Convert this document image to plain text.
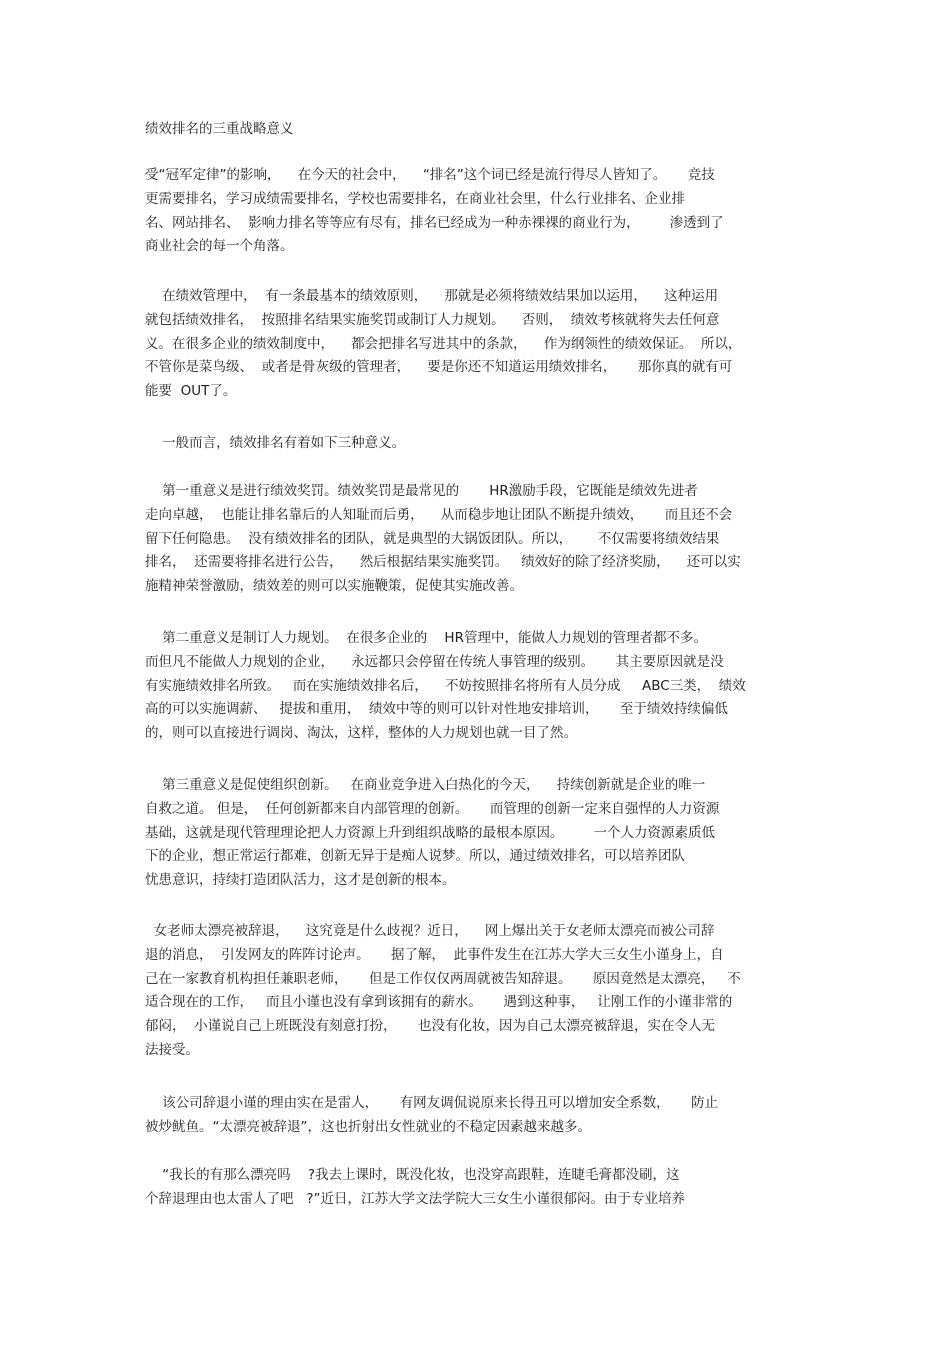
绩效排名的三重战略意义
受“冠军定律”的影响，    在今天的社会中，    “排名”这个词已经是流行得尽人皆知了。     竞技
更需要排名，学习成绩需要排名，学校也需要排名，在商业社会里，什么行业排名、企业排
名、网站排名、  影响力排名等等应有尽有，排名已经成为一种赤裸裸的商业行为，       渗透到了
商业社会的每一个角落。
在绩效管理中，  有一条最基本的绩效原则，    那就是必须将绩效结果加以运用，    这种运用
就包括绩效排名，  按照排名结果实施奖罚或制订人力规划。    否则，  绩效考核就将失去任何意
义。在很多企业的绩效制度中，    都会把排名写进其中的条款，    作为纲领性的绩效保证。  所以，
不管你是菜鸟级、  或者是骨灰级的管理者，    要是你还不知道运用绩效排名，     那你真的就有可
能要  OUT了。
一般而言，绩效排名有着如下三种意义。
第一重意义是进行绩效奖罚。绩效奖罚是最常见的       HR激励手段，它既能是绩效先进者
走向卓越，  也能让排名靠后的人知耻而后勇，    从而稳步地让团队不断提升绩效，     而且还不会
留下任何隐患。  没有绩效排名的团队，就是典型的大锅饭团队。所以，      不仅需要将绩效结果
排名，  还需要将排名进行公告，    然后根据结果实施奖罚。   绩效好的除了经济奖励，    还可以实
施精神荣誉激励，绩效差的则可以实施鞭策，促使其实施改善。
第二重意义是制订人力规划。  在很多企业的    HR管理中，能做人力规划的管理者都不多。
而但凡不能做人力规划的企业，    永远都只会停留在传统人事管理的级别。     其主要原因就是没
有实施绩效排名所致。   而在实施绩效排名后，    不妨按照排名将所有人员分成     ABC三类，  绩效
高的可以实施调薪、   提拔和重用，  绩效中等的则可以针对性地安排培训，     至于绩效持续偏低
的，则可以直接进行调岗、淘汰，这样，整体的人力规划也就一目了然。
第三重意义是促使组织创新。   在商业竞争进入白热化的今天，    持续创新就是企业的唯一
自救之道。 但是，  任何创新都来自内部管理的创新。     而管理的创新一定来自强悍的人力资源
基础，这就是现代管理理论把人力资源上升到组织战略的最根本原因。       一个人力资源素质低
下的企业，想正常运行都难，创新无异于是痴人说梦。所以，通过绩效排名，可以培养团队
忧患意识，持续打造团队活力，这才是创新的根本。
女老师太漂亮被辞退，    这究竟是什么歧视？近日，    网上爆出关于女老师太漂亮而被公司辞
退的消息，  引发网友的阵阵讨论声。     据了解，  此事件发生在江苏大学大三女生小谨身上，自
己在一家教育机构担任兼职老师，     但是工作仅仅两周就被告知辞退。     原因竟然是太漂亮，   不
适合现在的工作，   而且小谨也没有拿到该拥有的薪水。     遇到这种事，   让刚工作的小谨非常的
郁闷，  小谨说自己上班既没有刻意打扮，     也没有化妆，因为自己太漂亮被辞退，实在令人无
法接受。
该公司辞退小谨的理由实在是雷人，     有网友调侃说原来长得丑可以增加安全系数，     防止
被炒鱿鱼。“太漂亮被辞退”，这也折射出女性就业的不稳定因素越来越多。
“我长的有那么漂亮吗    ?我去上课时，既没化妆，也没穿高跟鞋，连睫毛膏都没刷，这
个辞退理由也太雷人了吧   ?”近日，江苏大学文法学院大三女生小谨很郁闷。由于专业培养
